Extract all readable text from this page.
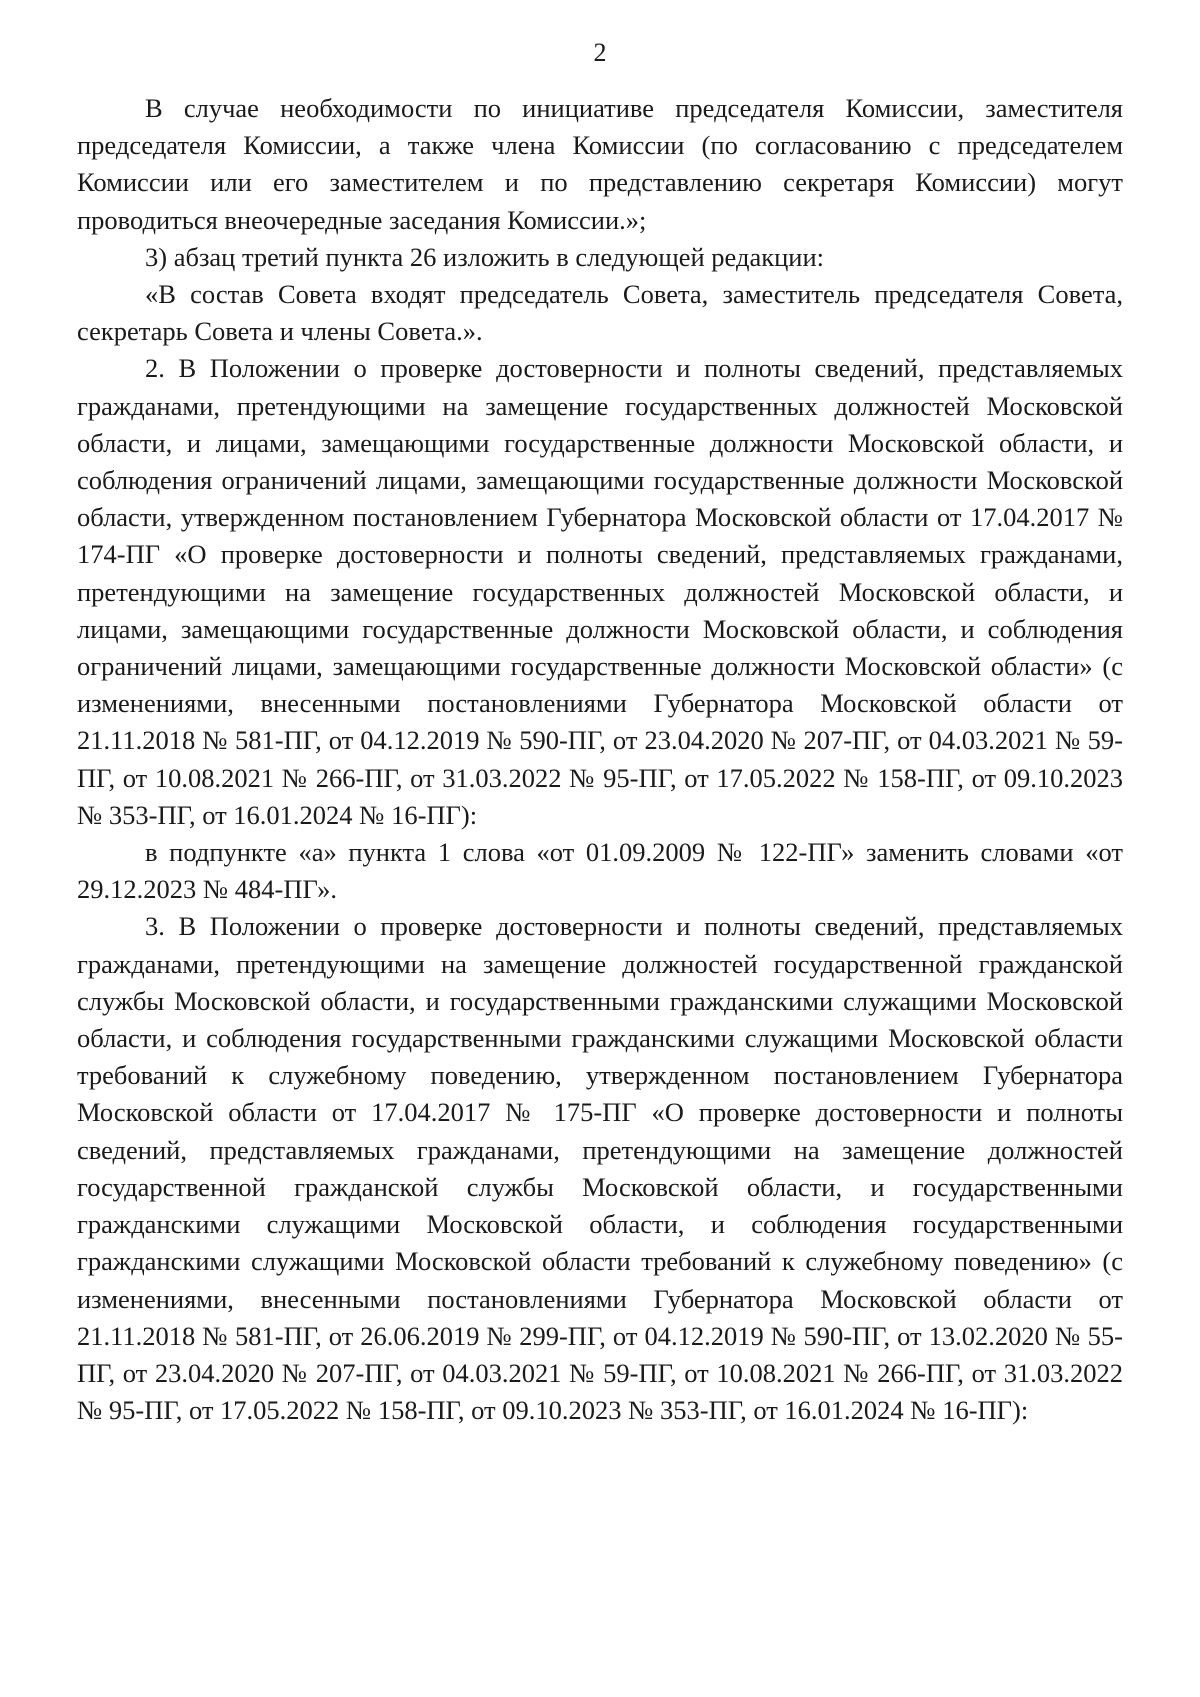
2

В случае необходимости по инициативе председателя Комиссии, заместителя председателя Комиссии, а также члена Комиссии (по согласованию с председателем Комиссии или его заместителем и по представлению секретаря Комиссии) могут проводиться внеочередные заседания Комиссии.»;

3) абзац третий пункта 26 изложить в следующей редакции:

«В состав Совета входят председатель Совета, заместитель председателя Совета, секретарь Совета и члены Совета.».

2. В Положении о проверке достоверности и полноты сведений, представляемых гражданами, претендующими на замещение государственных должностей Московской области, и лицами, замещающими государственные должности Московской области, и соблюдения ограничений лицами, замещающими государственные должности Московской области, утвержденном постановлением Губернатора Московской области от 17.04.2017 № 174-ПГ «О проверке достоверности и полноты сведений, представляемых гражданами, претендующими на замещение государственных должностей Московской области, и лицами, замещающими государственные должности Московской области, и соблюдения ограничений лицами, замещающими государственные должности Московской области» (с изменениями, внесенными постановлениями Губернатора Московской области от 21.11.2018 № 581-ПГ, от 04.12.2019 № 590-ПГ, от 23.04.2020 № 207-ПГ, от 04.03.2021 № 59-ПГ, от 10.08.2021 № 266-ПГ, от 31.03.2022 № 95-ПГ, от 17.05.2022 № 158-ПГ, от 09.10.2023 № 353-ПГ, от 16.01.2024 № 16-ПГ):

в подпункте «а» пункта 1 слова «от 01.09.2009 № 122-ПГ» заменить словами «от 29.12.2023 № 484-ПГ».

3. В Положении о проверке достоверности и полноты сведений, представляемых гражданами, претендующими на замещение должностей государственной гражданской службы Московской области, и государственными гражданскими служащими Московской области, и соблюдения государственными гражданскими служащими Московской области требований к служебному поведению, утвержденном постановлением Губернатора Московской области от 17.04.2017 № 175-ПГ «О проверке достоверности и полноты сведений, представляемых гражданами, претендующими на замещение должностей государственной гражданской службы Московской области, и государственными гражданскими служащими Московской области, и соблюдения государственными гражданскими служащими Московской области требований к служебному поведению» (с изменениями, внесенными постановлениями Губернатора Московской области от 21.11.2018 № 581-ПГ, от 26.06.2019 № 299-ПГ, от 04.12.2019 № 590-ПГ, от 13.02.2020 № 55-ПГ, от 23.04.2020 № 207-ПГ, от 04.03.2021 № 59-ПГ, от 10.08.2021 № 266-ПГ, от 31.03.2022 № 95-ПГ, от 17.05.2022 № 158-ПГ, от 09.10.2023 № 353-ПГ, от 16.01.2024 № 16-ПГ):
